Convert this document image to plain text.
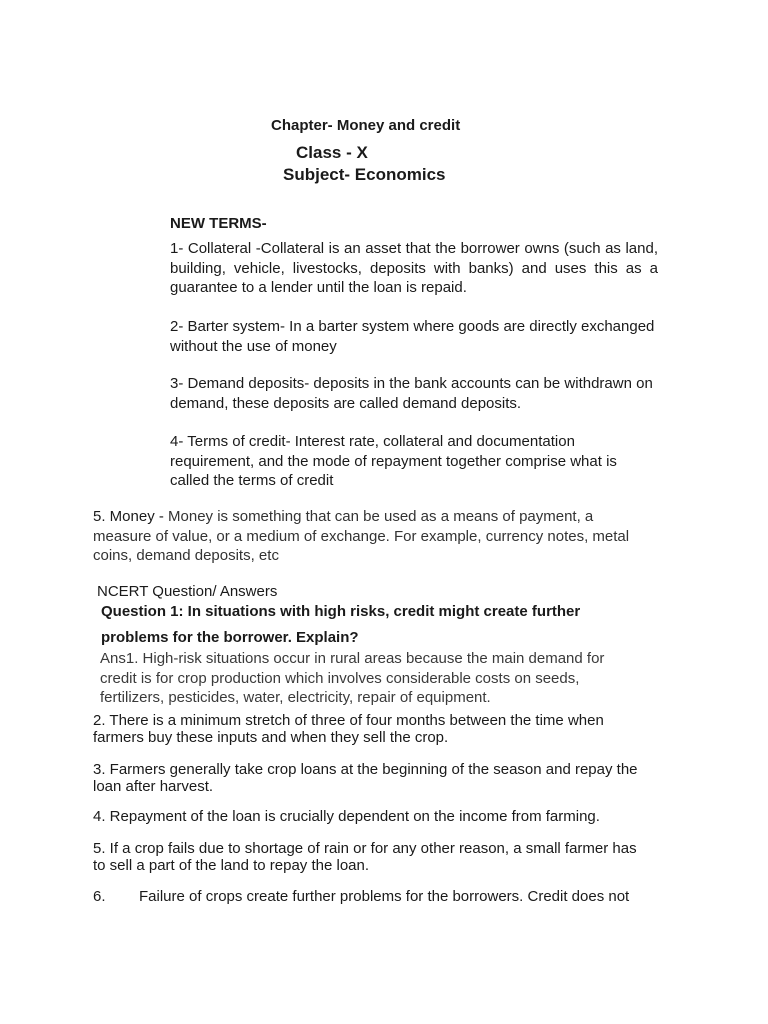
Chapter- Money and credit
Class - X
Subject- Economics
NEW TERMS-

1- Collateral -Collateral is an asset that the borrower owns (such as land, building, vehicle, livestocks, deposits with banks) and uses this as a guarantee to a lender until the loan is repaid.

2- Barter system- In a barter system where goods are directly exchanged without the use of money

3- Demand deposits- deposits in the bank accounts can be withdrawn on demand, these deposits are called demand deposits.

4- Terms of credit- Interest rate, collateral and documentation requirement, and the mode of repayment together comprise what is called the terms of credit

5. Money - Money is something that can be used as a means of payment, a measure of value, or a medium of exchange. For example, currency notes, metal coins, demand deposits, etc

NCERT Question/ Answers
Question 1: In situations with high risks, credit might create further
problems for the borrower. Explain?

Ans1. High-risk situations occur in rural areas because the main demand for credit is for crop production which involves considerable costs on seeds, fertilizers, pesticides, water, electricity, repair of equipment.

2. There is a minimum stretch of three of four months between the time when farmers buy these inputs and when they sell the crop.

3. Farmers generally take crop loans at the beginning of the season and repay the loan after harvest.

4. Repayment of the loan is crucially dependent on the income from farming.

5. If a crop fails due to shortage of rain or for any other reason, a small farmer has to sell a part of the land to repay the loan.

6. Failure of crops create further problems for the borrowers. Credit does not
